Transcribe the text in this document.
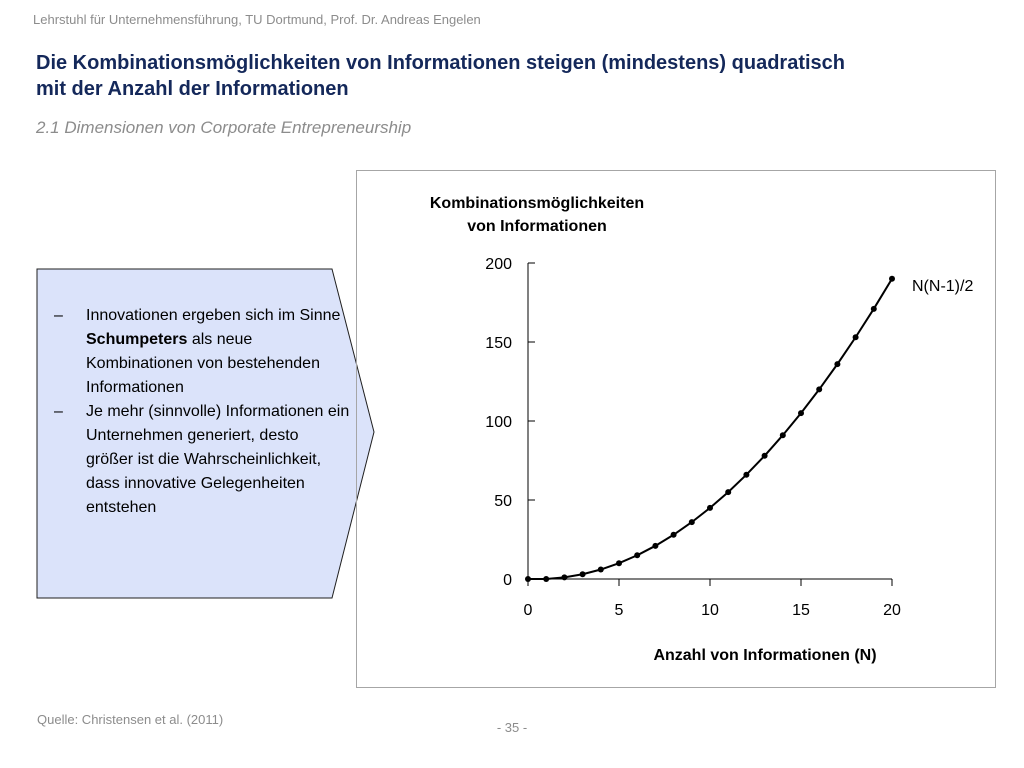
Lehrstuhl für Unternehmensführung, TU Dortmund, Prof. Dr. Andreas Engelen
Die Kombinationsmöglichkeiten von Informationen steigen (mindestens) quadratisch
mit der Anzahl der Informationen
2.1 Dimensionen von Corporate Entrepreneurship
– Innovationen ergeben sich im Sinne Schumpeters als neue Kombinationen von bestehenden Informationen
– Je mehr (sinnvolle) Informationen ein Unternehmen generiert, desto größer ist die Wahrscheinlichkeit, dass innovative Gelegenheiten entstehen
Kombinationsmöglichkeiten
von Informationen
Anzahl von Informationen (N)
0
50
100
150
200
0	5	10	15	20
N(N-1)/2
Quelle: Christensen et al. (2011)
- 35 -
